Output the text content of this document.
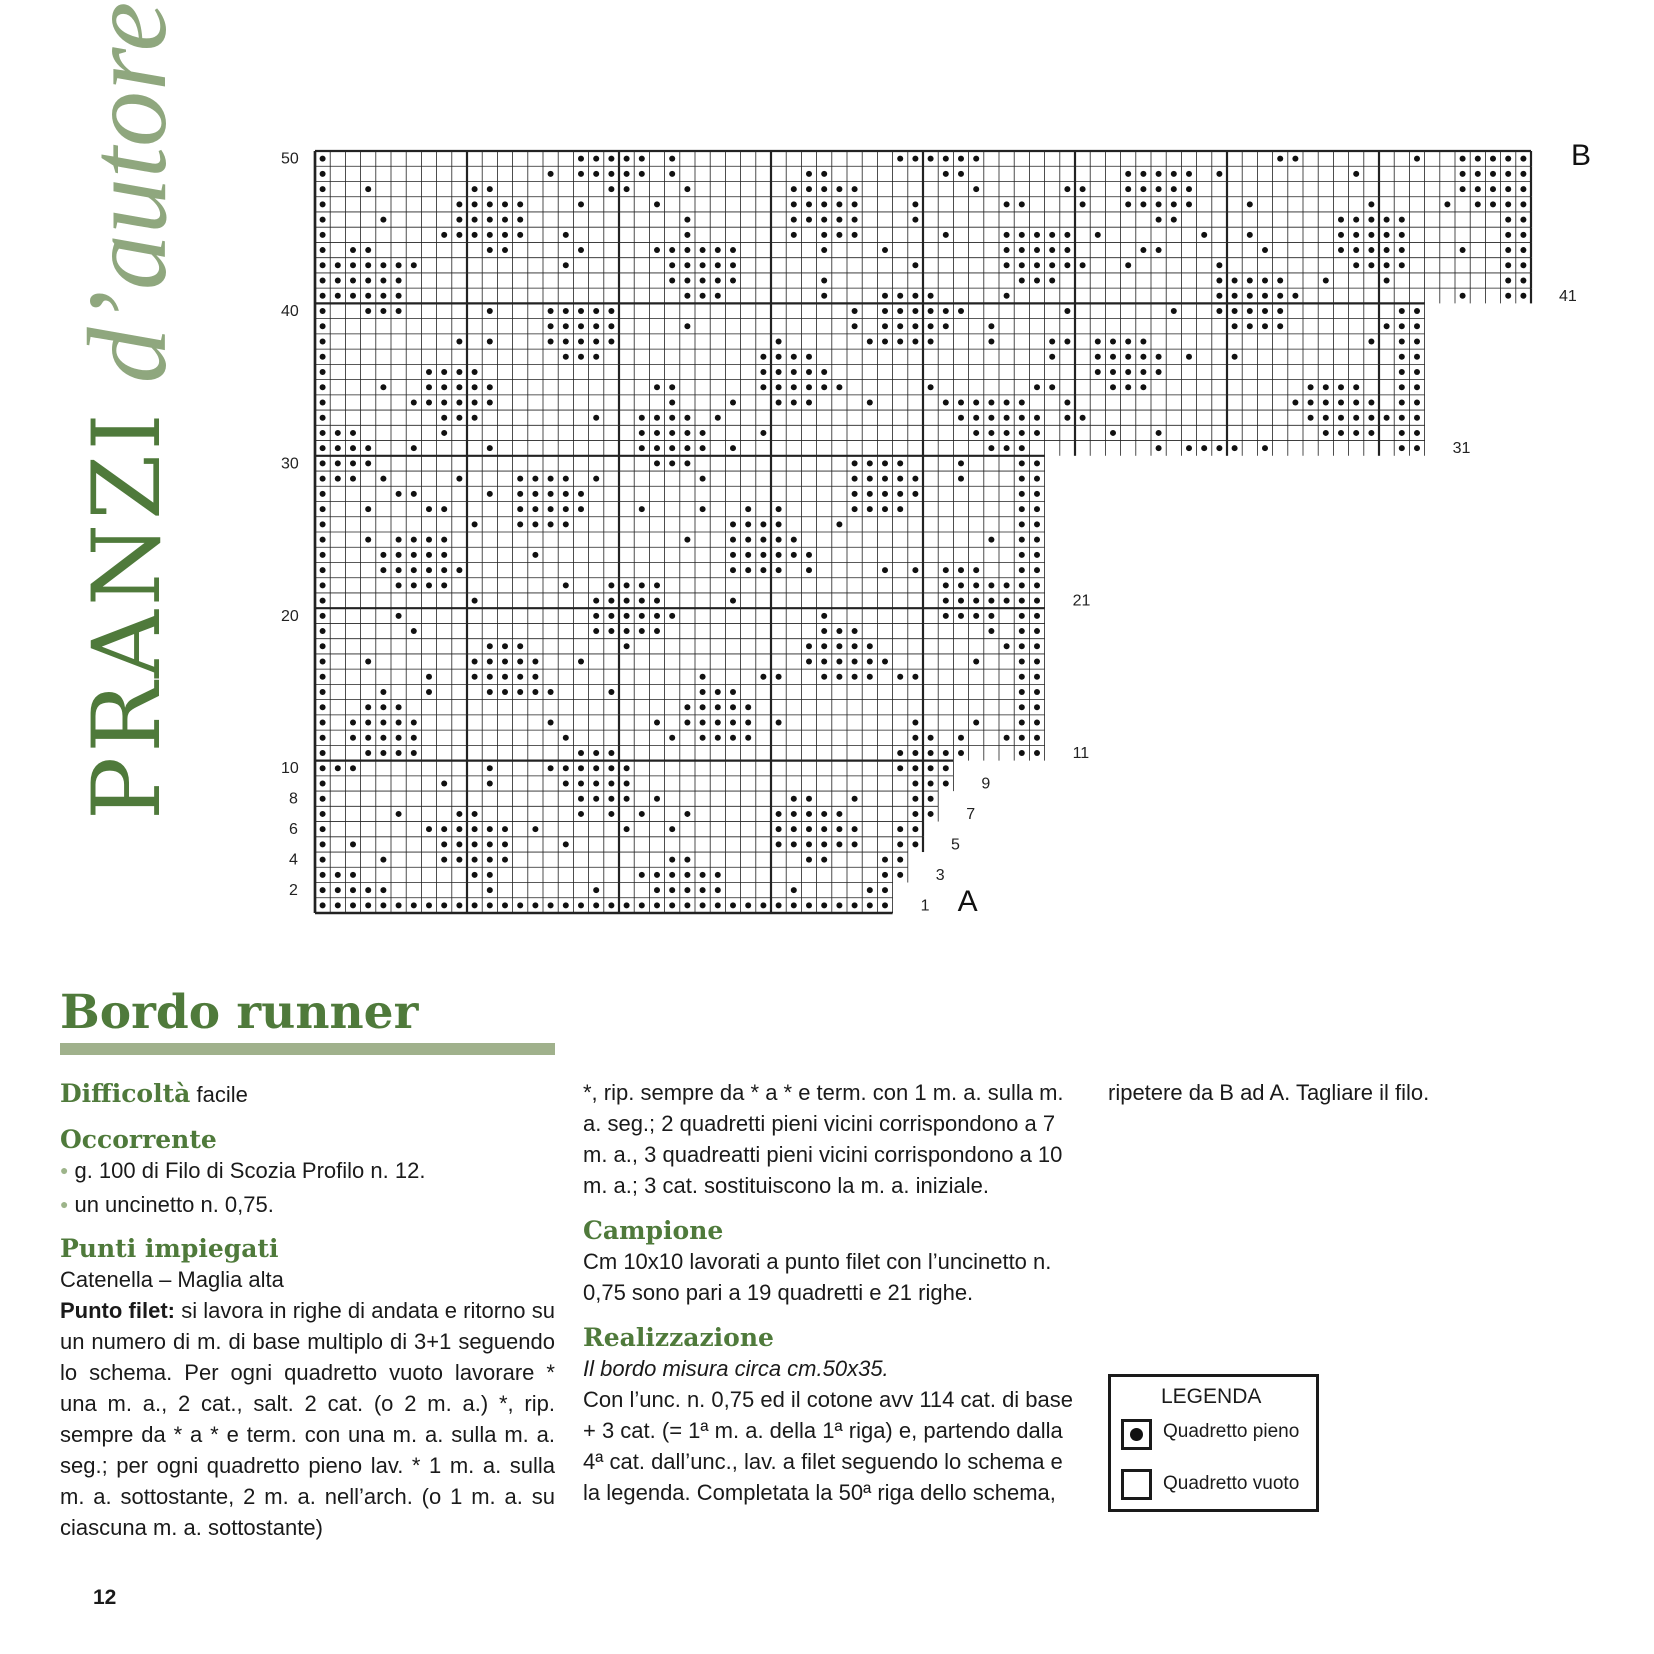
PRANZI
d’autore
1
2
3
4
5
6
7
8
9
10
11
20
21
30
31
40
41
50
A
B
Bordo runner
Difficoltà facile
Occorrente
● g. 100 di Filo di Scozia Profilo n. 12.
● un uncinetto n. 0,75.
Punti impiegati
Catenella – Maglia alta
Punto filet: si lavora in righe di andata e ritorno su un numero di m. di base multiplo di 3+1 seguendo lo schema. Per ogni quadretto vuoto lavorare * una m. a., 2 cat., salt. 2 cat. (o 2 m. a.) *, rip. sempre da * a * e term. con una m. a. sulla m. a. seg.; per ogni quadretto pieno lav. * 1 m. a. sulla m. a. sottostante, 2 m. a. nell’arch. (o 1 m. a. su ciascuna m. a. sottostante)
*, rip. sempre da * a * e term. con 1 m. a. sulla m. a. seg.; 2 quadretti pieni vicini corrispondono a 7 m. a., 3 quadreatti pieni vicini corrispondono a 10 m. a.; 3 cat. sostituiscono la m. a. iniziale.
Campione
Cm 10x10 lavorati a punto filet con l’uncinetto n. 0,75 sono pari a 19 quadretti e 21 righe.
Realizzazione
Il bordo misura circa cm.50x35.
Con l’unc. n. 0,75 ed il cotone avv 114 cat. di base + 3 cat. (= 1ª m. a. della 1ª riga) e, partendo dalla 4ª cat. dall’unc., lav. a filet seguendo lo schema e la legenda. Completata la 50ª riga dello schema,
ripetere da B ad A. Tagliare il filo.
LEGENDA
Quadretto pieno
Quadretto vuoto
12
